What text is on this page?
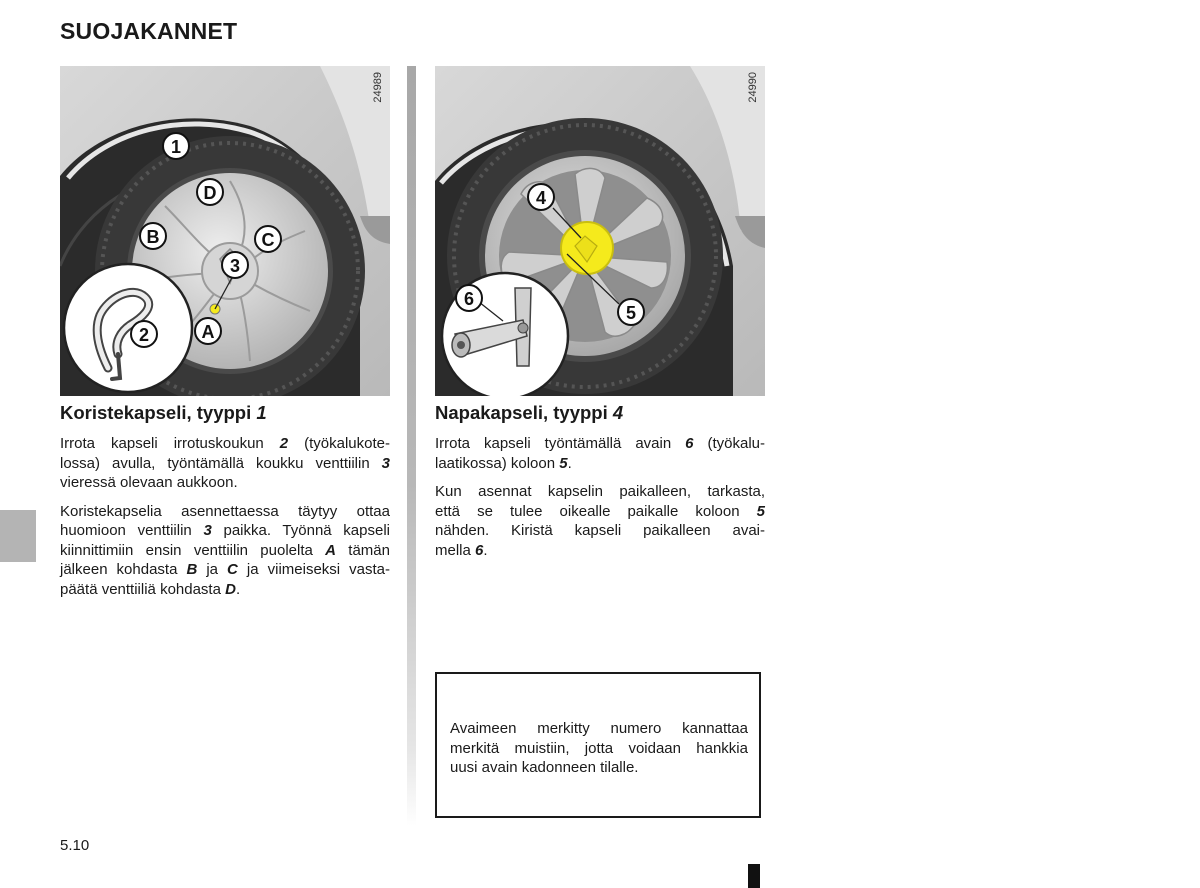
SUOJAKANNET
24989
1
D
B	C
3
2	A
24990
4
6
5
Koristekapseli, tyyppi 1	Napakapseli, tyyppi 4
Irrota kapseli irrotuskoukun 2 (työkalukote-
lossa) avulla, työntämällä koukku venttiilin 3
vieressä olevaan aukkoon.
Koristekapselia asennettaessa täytyy ottaa
huomioon venttiilin 3 paikka. Työnnä kapseli
kiinnittimiin ensin venttiilin puolelta A tämän
jälkeen kohdasta B ja C ja viimeiseksi vasta-
päätä venttiiliä kohdasta D.
Irrota kapseli työntämällä avain 6 (työkalu-
laatikossa) koloon 5.
Kun asennat kapselin paikalleen, tarkasta,
että se tulee oikealle paikalle koloon 5
nähden. Kiristä kapseli paikalleen avai-
mella 6.
Avaimeen merkitty numero kannattaa
merkitä muistiin, jotta voidaan hankkia
uusi avain kadonneen tilalle.
5.10
